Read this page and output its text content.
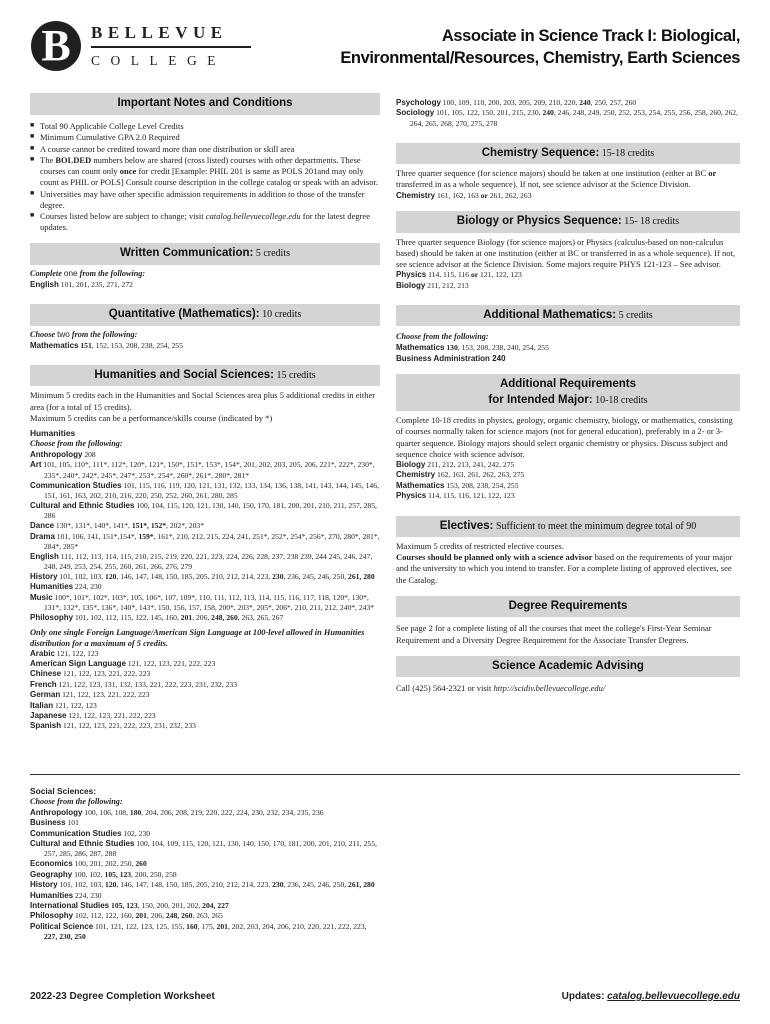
B	BELLEVUE
COLLEGE
Associate in Science Track I: Biological,
Environmental/Resources, Chemistry, Earth Sciences
Important Notes and Conditions
■ Total 90 Applicable College Level Credits
■ Minimum Cumulative GPA 2.0 Required
■ A course cannot be credited toward more than one distribution or skill area
■ The BOLDED numbers below are shared (cross listed) courses with other departments. These courses can count only once for credit [Example: PHIL 201 is same as POLS 201and may only count as PHIL or POLS] Consult course description in the college catalog or speak with an advisor.
■ Universities may have other specific admission requirements in addition to those of the transfer degree.
■ Courses listed below are subject to change; visit catalog.bellevuecollege.edu for the latest degree updates.
Written Communication: 5 credits
Complete one from the following:
English 101, 201, 235, 271, 272
Quantitative (Mathematics): 10 credits
Choose two from the following:
Mathematics 151, 152, 153, 208, 238, 254, 255
Humanities and Social Sciences: 15 credits
Minimum 5 credits each in the Humanities and Social Sciences area plus 5 additional credits in either area (for a total of 15 credits).
Maximum 5 credits can be a performance/skills course (indicated by *)
Humanities
Choose from the following:
Anthropology 208
Art 101, 105, 110*, 111*, 112*, 120*, 121*, 150*, 151*, 153*, 154*, 201, 202, 203, 205, 206, 221*, 222*, 230*, 235*, 240*, 242*, 245*, 247*, 253*, 254*, 260*, 261*, 280*, 281*
Communication Studies 101, 115, 116, 119, 120, 121, 131, 132, 133, 134, 136, 138, 141, 143, 144, 145, 146, 151, 161, 163, 202, 210, 216, 220, 250, 252, 260, 261, 280, 285
Cultural and Ethnic Studies 100, 104, 115, 120, 121, 130, 140, 150, 170, 181, 200, 201, 210, 211, 257, 285, 286
Dance 130*, 131*, 140*, 141*, 151*, 152*, 202*, 203*
Drama 101, 106, 141, 151*,154*, 159*, 161*, 210, 212, 215, 224, 241, 251*, 252*, 254*, 256*, 270, 280*, 281*, 284*, 285*
English 111, 112, 113, 114, 115, 210, 215, 219, 220, 221, 223, 224, 226, 228, 237, 238 239, 244 245, 246, 247, 248, 249, 253, 254, 255, 260, 261, 266, 276, 279
History 101, 102, 103, 120, 146, 147, 148, 150, 185, 205, 210, 212, 214, 223, 230, 236, 245, 246, 250, 261, 280
Humanities 224, 230
Music 100*, 101*, 102*, 103*, 105, 106*, 107, 109*, 110, 111, 112, 113, 114, 115, 116, 117, 118, 120*, 130*, 131*, 132*, 135*, 136*, 140*, 143*, 150, 156, 157, 158, 200*, 203*, 205*, 206*, 210, 211, 212, 240*, 243*
Philosophy 101, 102, 112, 115, 122, 145, 160, 201, 206, 248, 260, 263, 265, 267
Only one single Foreign Language/American Sign Language at 100-level allowed in Humanities distribution for a maximum of 5 credits.
Arabic 121, 122, 123
American Sign Language 121, 122, 123, 221, 222, 223
Chinese 121, 122, 123, 221, 222, 223
French 121, 122, 123, 131, 132, 133, 221, 222, 223, 231, 232, 233
German 121, 122, 123, 221, 222, 223
Italian 121, 122, 123
Japanese 121, 122, 123, 221, 222, 223
Spanish 121, 122, 123, 221, 222, 223, 231, 232, 233
Social Sciences:
Choose from the following:
Anthropology 100, 106, 108, 180, 204, 206, 208, 219, 220, 222, 224, 230, 232, 234, 235, 236
Business 101
Communication Studies 102, 230
Cultural and Ethnic Studies 100, 104, 109, 115, 120, 121, 130, 140, 150, 170, 181, 200, 201, 210, 211, 255, 257, 285, 286, 287, 288
Economics 100, 201, 202, 250, 260
Geography 100, 102, 105, 123, 200, 250, 258
History 101, 102, 103, 120, 146, 147, 148, 150, 185, 205, 210, 212, 214, 223, 230, 236, 245, 246, 250, 261, 280
Humanities 224, 230
International Studies 105, 123, 150, 200, 201, 202, 204, 227
Philosophy 102, 112, 122, 160, 201, 206, 248, 260, 263, 265
Political Science 101, 121, 122, 123, 125, 155, 160, 175, 201, 202, 203, 204, 206, 210, 220, 221, 222, 223, 227, 230, 250
Psychology 100, 109, 110, 200, 203, 205, 209, 210, 220, 240, 250, 257, 260
Sociology 101, 105, 122, 150, 201, 215, 230, 240, 246, 248, 249, 250, 252, 253, 254, 255, 256, 258, 260, 262, 264, 265, 268, 270, 275, 278
Chemistry Sequence: 15-18 credits
Three quarter sequence (for science majors) should be taken at one institution (either at BC or transferred in as a whole sequence). If not, see science advisor at the Science Division.
Chemistry 161, 162, 163 or 261, 262, 263
Biology or Physics Sequence: 15- 18 credits
Three quarter sequence Biology (for science majors) or Physics (calculus-based on non-calculus based) should be taken at one institution (either at BC or transferred in as a whole sequence). If not, see science advisor at the Science Division. Some majors require PHYS 121-123 – See advisor.
Physics 114, 115, 116 or 121, 122, 123
Biology 211, 212, 213
Additional Mathematics: 5 credits
Choose from the following:
Mathematics 130, 153, 208, 238, 240, 254, 255
Business Administration 240
Additional Requirements
for Intended Major: 10-18 credits
Complete 10-18 credits in physics, geology, organic chemistry, biology, or mathematics, consisting of courses normally taken for science majors (not for general education), preferably in a 2- or 3-quarter sequence. Biology majors should select organic chemistry or physics. Discuss subject and sequence choice with science advisor.
Biology 211, 212, 213, 241, 242, 275
Chemistry 162, 163, 261, 262, 263, 275
Mathematics 153, 208, 238, 254, 255
Physics 114, 115, 116, 121, 122, 123
Electives: Sufficient to meet the minimum degree total of 90
Maximum 5 credits of restricted elective courses.
Courses should be planned only with a science advisor based on the requirements of your major and the university to which you intend to transfer. For a complete listing of approved electives, see the Catalog.
Degree Requirements
See page 2 for a complete listing of all the courses that meet the college's First-Year Seminar Requirement and a Diversity Degree Requirement for the Associate Transfer Degrees.
Science Academic Advising
Call (425) 564-2321 or visit http://scidiv.bellevuecollege.edu/
2022-23 Degree Completion Worksheet	Updates: catalog.bellevuecollege.edu
